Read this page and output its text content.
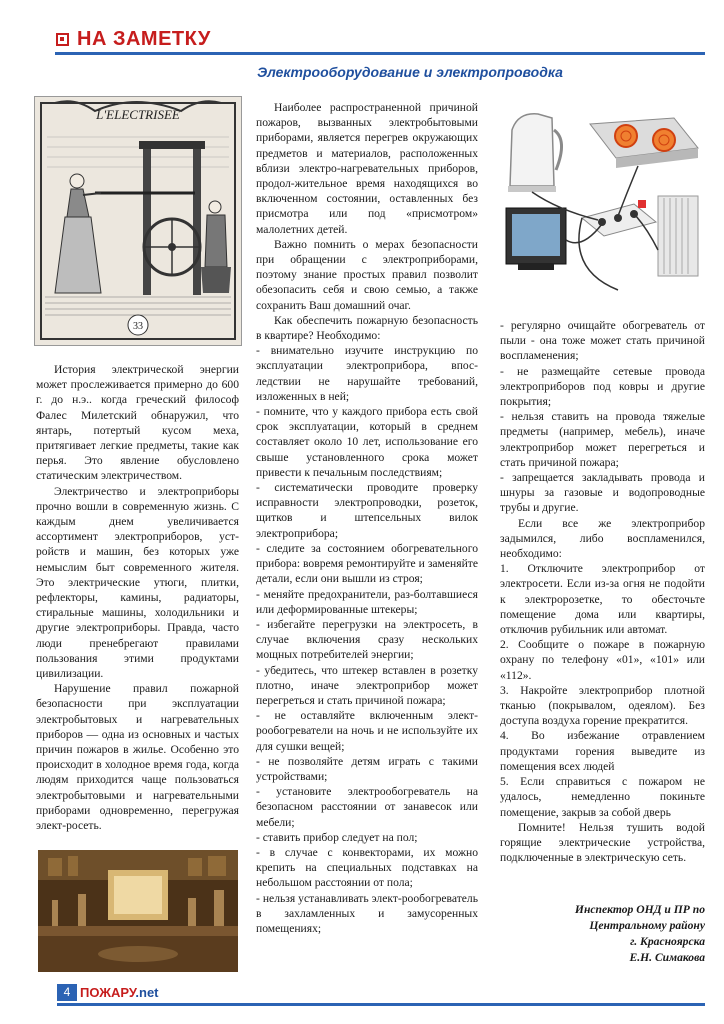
НА ЗАМЕТКУ
Электрооборудование и электропроводка
L'ELECTRISEE
33

История электрической энергии может прослеживается примерно до 600 г. до н.э.. когда греческий философ Фалес Милетский обнаружил, что янтарь, потертый кусом меха, притягивает легкие предметы, такие как перья. Это явление обусловлено статическим электричеством.

Электричество и электроприборы прочно вошли в современную жизнь. С каждым днем увеличивается ассортимент электроприборов, уст-ройств и машин, без которых уже немыслим быт современного жителя. Это электрические утюги, плитки, рефлекторы, камины, радиаторы, стиральные машины, холодильники и другие электроприборы. Правда, часто люди пренебрегают правилами пользования этими продуктами цивилизации.

Нарушение правил пожарной безопасности при эксплуатации электробытовых и нагревательных приборов — одна из основных и частых причин пожаров в жилье. Особенно это происходит в холодное время года, когда людям приходится чаще пользоваться электробытовыми и нагревательными приборами одновременно, перегружая элект-росеть.

Наиболее распространенной причиной пожаров, вызванных электробытовыми приборами, является перегрев окружающих предметов и материалов, расположенных вблизи электро-нагревательных приборов, продол-жительное время находящихся во включенном состоянии, оставленных без присмотра или под «присмотром» малолетних детей.

Важно помнить о мерах безопасности при обращении с электроприборами, поэтому знание простых правил позволит обезопасить себя и свою семью, а также сохранить Ваш домашний очаг.

Как обеспечить пожарную безопасность в квартире? Необходимо:

- внимательно изучите инструкцию по эксплуатации электроприбора, впос-ледствии не нарушайте требований, изложенных в ней;

- помните, что у каждого прибора есть свой срок эксплуатации, который в среднем составляет около 10 лет, использование его свыше установленного срока может привести к печальным последствиям;

- систематически проводите проверку исправности электропроводки, розеток, щитков и штепсельных вилок электроприбора;

- следите за состоянием обогревательного прибора: вовремя ремонтируйте и заменяйте детали, если они вышли из строя;

- меняйте предохранители, раз-болтавшиеся или деформированные штекеры;

- избегайте перегрузки на электросеть, в случае включения сразу нескольких мощных потребителей энергии;

- убедитесь, что штекер вставлен в розетку плотно, иначе электроприбор может перегреться и стать причиной пожара;

- не оставляйте включенным элект-рообогреватели на ночь и не используйте их для сушки вещей;

- не позволяйте детям играть с такими устройствами;

- установите электрообогреватель на безопасном расстоянии от занавесок или мебели;

- ставить прибор следует на пол;

- в случае с конвекторами, их можно крепить на специальных подставках на небольшом расстоянии от пола;

- нельзя устанавливать элект-рообогреватель в захламленных и замусоренных помещениях;

- регулярно очищайте обогреватель от пыли - она тоже может стать причиной воспламенения;

- не размещайте сетевые провода электроприборов под ковры и другие покрытия;

- нельзя ставить на провода тяжелые предметы (например, мебель), иначе электроприбор может перегреться и стать причиной пожара;

- запрещается закладывать провода и шнуры за газовые и водопроводные трубы и другие.

Если все же электроприбор задымился, либо воспламенился, необходимо:

1. Отключите электроприбор от электросети. Если из-за огня не подойти к электророзетке, то обесточьте помещение дома или квартиры, отключив рубильник или автомат.

2. Сообщите о пожаре в пожарную охрану по телефону «01», «101» или «112».

3. Накройте электроприбор плотной тканью (покрывалом, одеялом). Без доступа воздуха горение прекратится.

4. Во избежание отравлением продуктами горения выведите из помещения всех людей

5. Если справиться с пожаром не удалось, немедленно покиньте помещение, закрыв за собой дверь

Помните! Нельзя тушить водой горящие электрические устройства, подключенные в электрическую сеть.

Инспектор ОНД и ПР по
Центральному району
г. Красноярска
Е.Н. Симакова
4 ПОЖАРУ.net
